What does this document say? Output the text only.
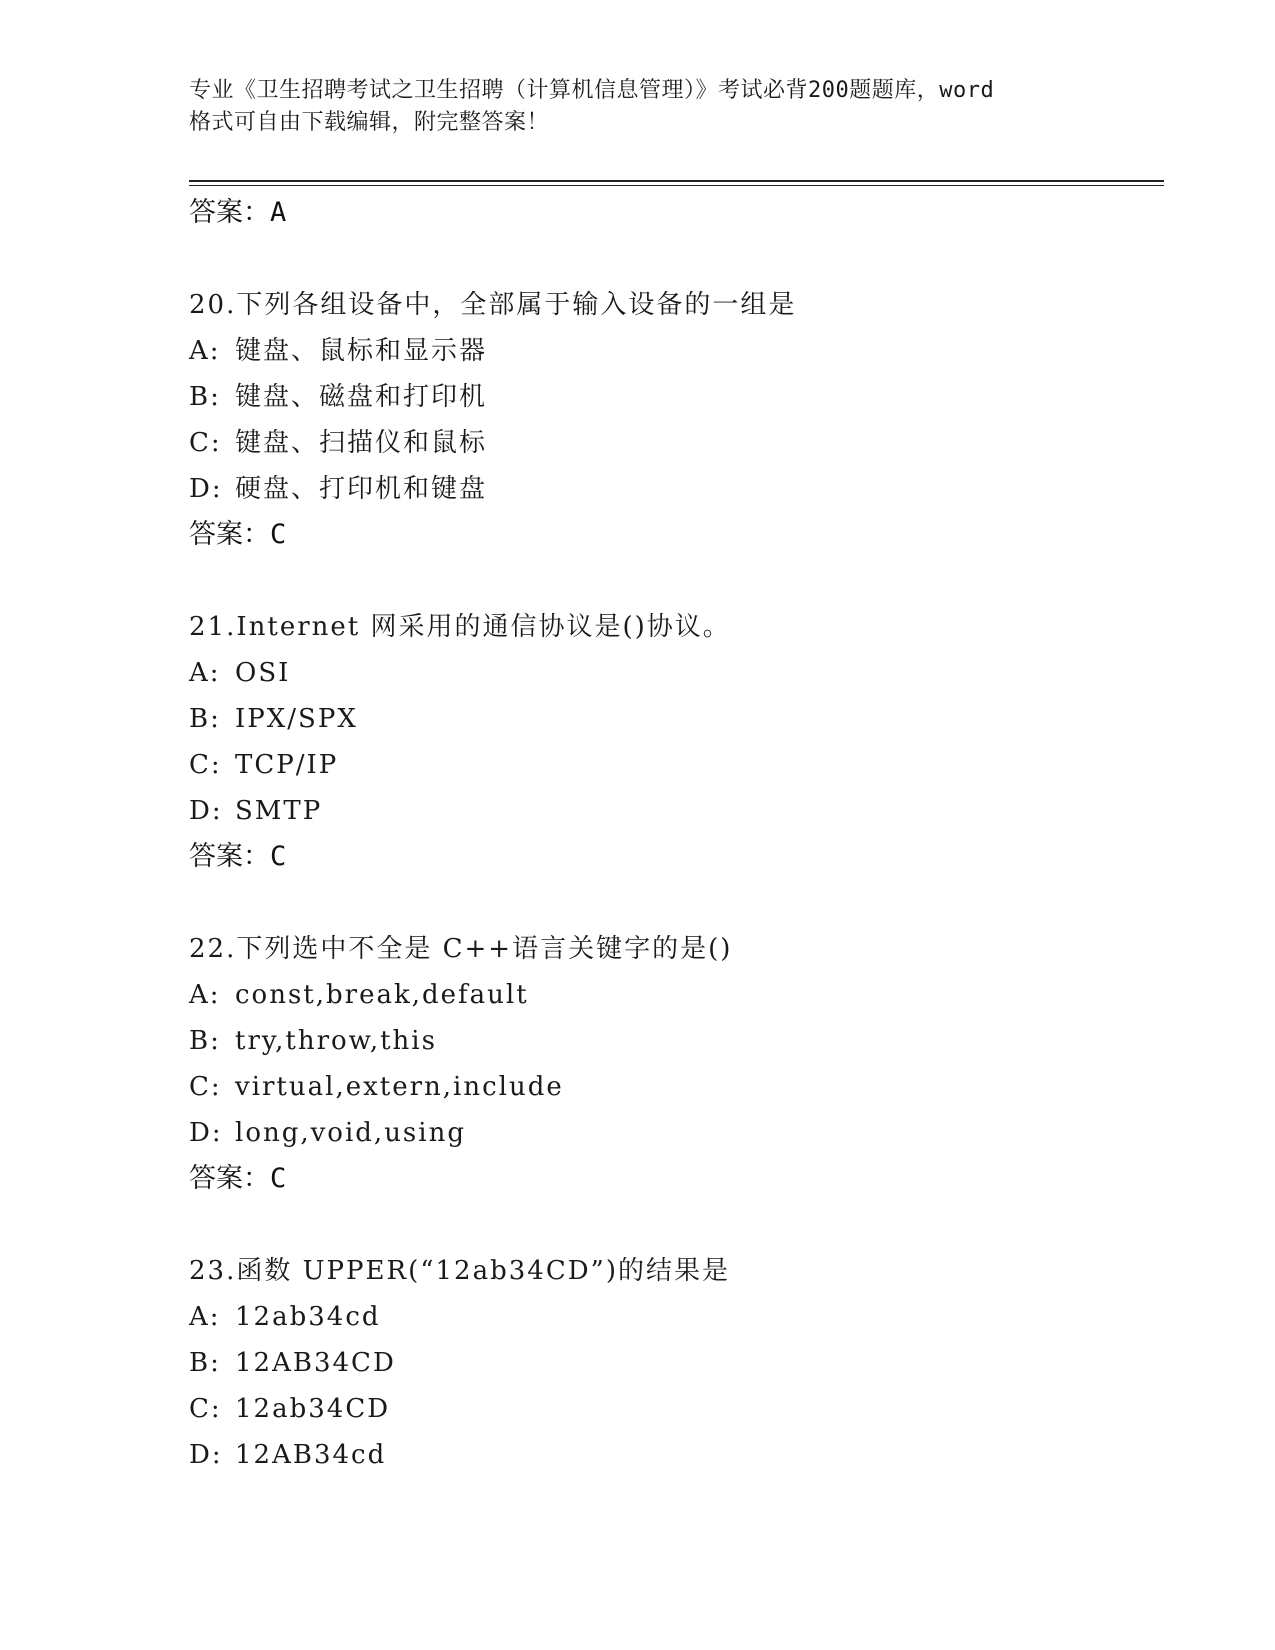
专业《卫生招聘考试之卫生招聘（计算机信息管理）》考试必背200题题库，word
格式可自由下载编辑，附完整答案！
答案：A
20.下列各组设备中，全部属于输入设备的一组是
A: 键盘、鼠标和显示器
B: 键盘、磁盘和打印机
C: 键盘、扫描仪和鼠标
D: 硬盘、打印机和键盘
答案：C
21.Internet 网采用的通信协议是()协议。
A: OSI
B: IPX/SPX
C: TCP/IP
D: SMTP
答案：C
22.下列选中不全是 C++语言关键字的是()
A: const,break,default
B: try,throw,this
C: virtual,extern,include
D: long,void,using
答案：C
23.函数 UPPER(“12ab34CD”)的结果是
A: 12ab34cd
B: 12AB34CD
C: 12ab34CD
D: 12AB34cd
